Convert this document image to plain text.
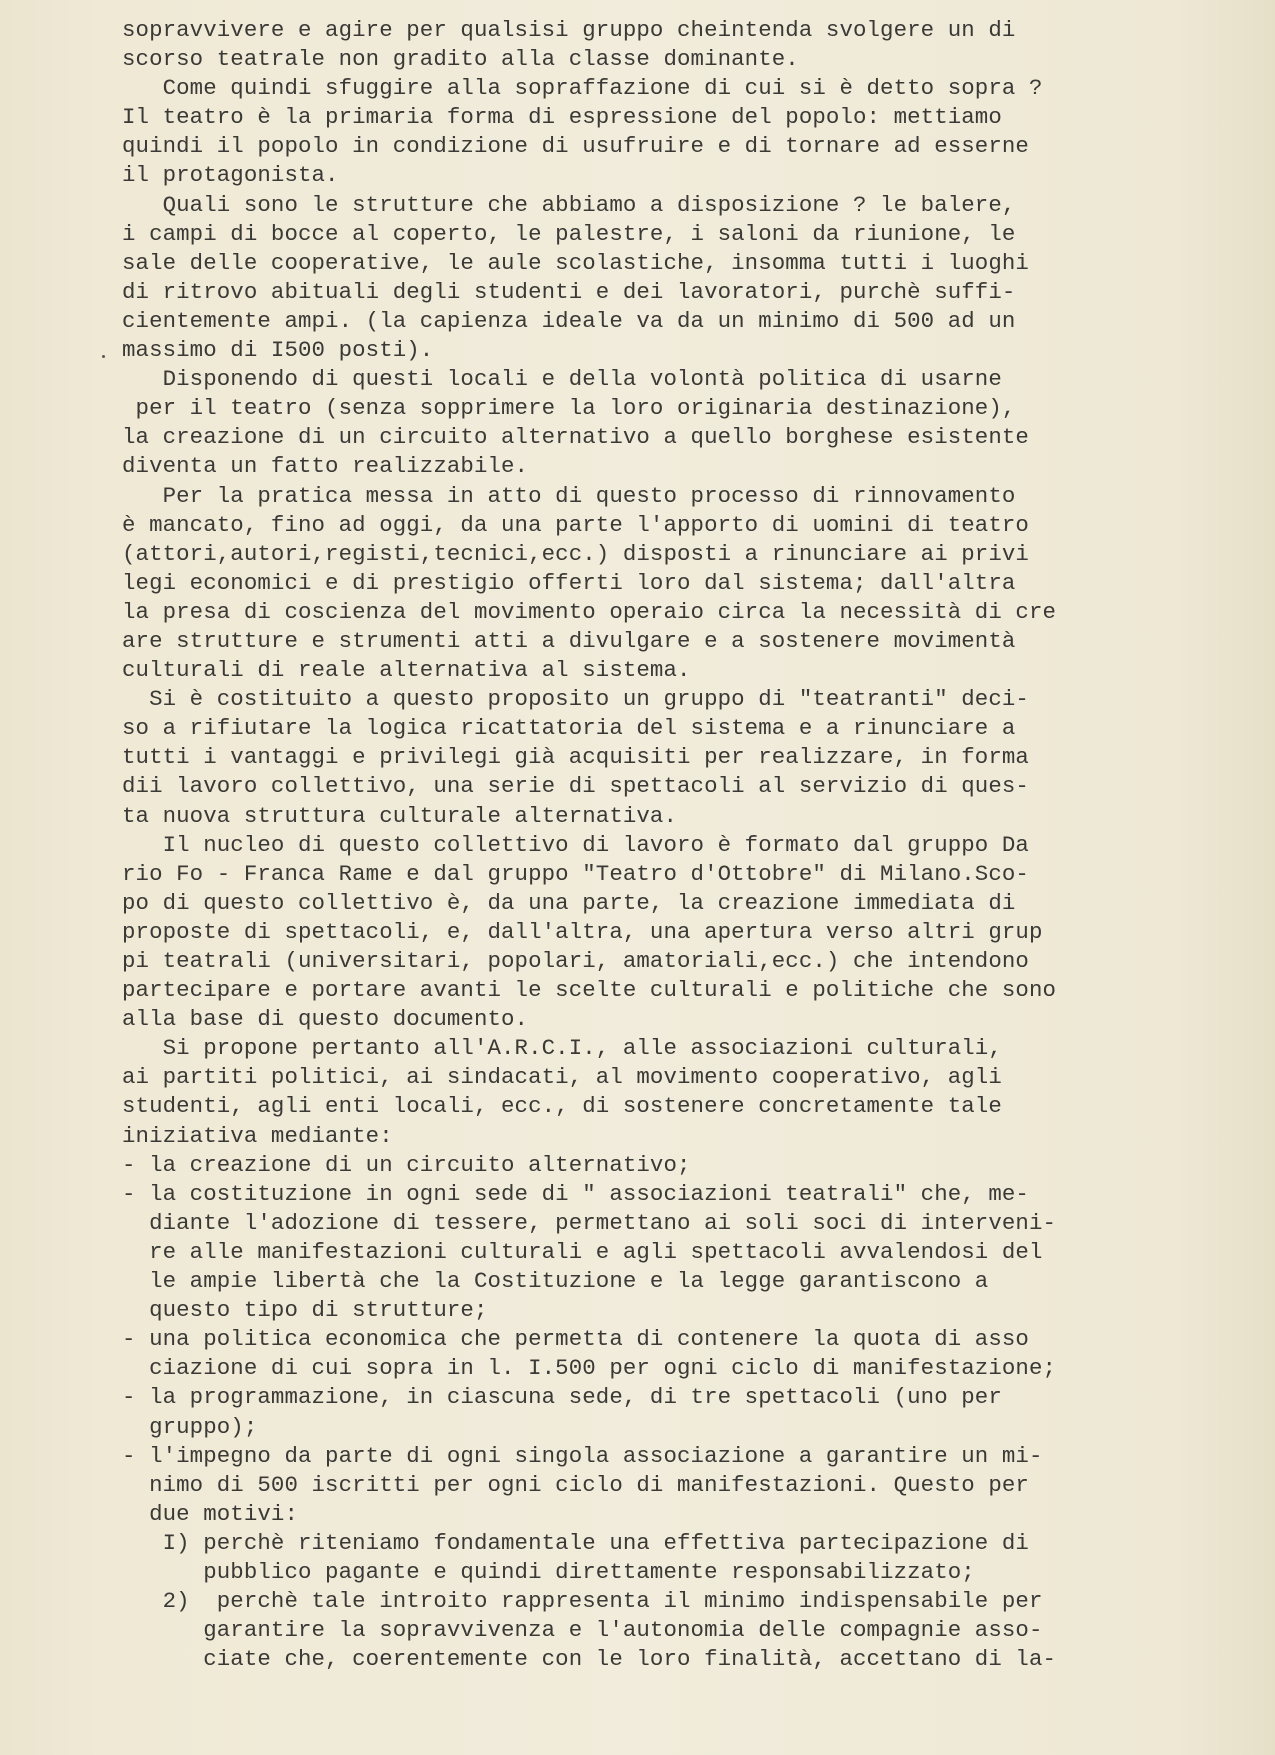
sopravvivere e agire per qualsisi gruppo cheintenda svolgere un di
scorso teatrale non gradito alla classe dominante.
Come quindi sfuggire alla sopraffazione di cui si è detto sopra ?
Il teatro è la primaria forma di espressione del popolo: mettiamo
quindi il popolo in condizione di usufruire e di tornare ad esserne
il protagonista.
Quali sono le strutture che abbiamo a disposizione ? le balere,
i campi di bocce al coperto, le palestre, i saloni da riunione, le
sale delle cooperative, le aule scolastiche, insomma tutti i luoghi
di ritrovo abituali degli studenti e dei lavoratori, purchè suffi-
cientemente ampi. (la capienza ideale va da un minimo di 500 ad un
massimo di I500 posti).
Disponendo di questi locali e della volontà politica di usarne
per il teatro (senza sopprimere la loro originaria destinazione),
la creazione di un circuito alternativo a quello borghese esistente
diventa un fatto realizzabile.
Per la pratica messa in atto di questo processo di rinnovamento
è mancato, fino ad oggi, da una parte l'apporto di uomini di teatro
(attori,autori,registi,tecnici,ecc.) disposti a rinunciare ai privi
legi economici e di prestigio offerti loro dal sistema; dall'altra
la presa di coscienza del movimento operaio circa la necessità di cre
are strutture e strumenti atti a divulgare e a sostenere movimentà
culturali di reale alternativa al sistema.
Si è costituito a questo proposito un gruppo di "teatranti" deci-
so a rifiutare la logica ricattatoria del sistema e a rinunciare a
tutti i vantaggi e privilegi già acquisiti per realizzare, in forma
dii lavoro collettivo, una serie di spettacoli al servizio di ques-
ta nuova struttura culturale alternativa.
Il nucleo di questo collettivo di lavoro è formato dal gruppo Da
rio Fo - Franca Rame e dal gruppo "Teatro d'Ottobre" di Milano.Sco-
po di questo collettivo è, da una parte, la creazione immediata di
proposte di spettacoli, e, dall'altra, una apertura verso altri grup
pi teatrali (universitari, popolari, amatoriali,ecc.) che intendono
partecipare e portare avanti le scelte culturali e politiche che sono
alla base di questo documento.
Si propone pertanto all'A.R.C.I., alle associazioni culturali,
ai partiti politici, ai sindacati, al movimento cooperativo, agli
studenti, agli enti locali, ecc., di sostenere concretamente tale
iniziativa mediante:
- la creazione di un circuito alternativo;
- la costituzione in ogni sede di " associazioni teatrali" che, me-
diante l'adozione di tessere, permettano ai soli soci di interveni-
re alle manifestazioni culturali e agli spettacoli avvalendosi del
le ampie libertà che la Costituzione e la legge garantiscono a
questo tipo di strutture;
- una politica economica che permetta di contenere la quota di asso
ciazione di cui sopra in l. I.500 per ogni ciclo di manifestazione;
- la programmazione, in ciascuna sede, di tre spettacoli (uno per
gruppo);
- l'impegno da parte di ogni singola associazione a garantire un mi-
nimo di 500 iscritti per ogni ciclo di manifestazioni. Questo per
due motivi:
I) perchè riteniamo fondamentale una effettiva partecipazione di
pubblico pagante e quindi direttamente responsabilizzato;
2)  perchè tale introito rappresenta il minimo indispensabile per
garantire la sopravvivenza e l'autonomia delle compagnie asso-
ciate che, coerentemente con le loro finalità, accettano di la-
